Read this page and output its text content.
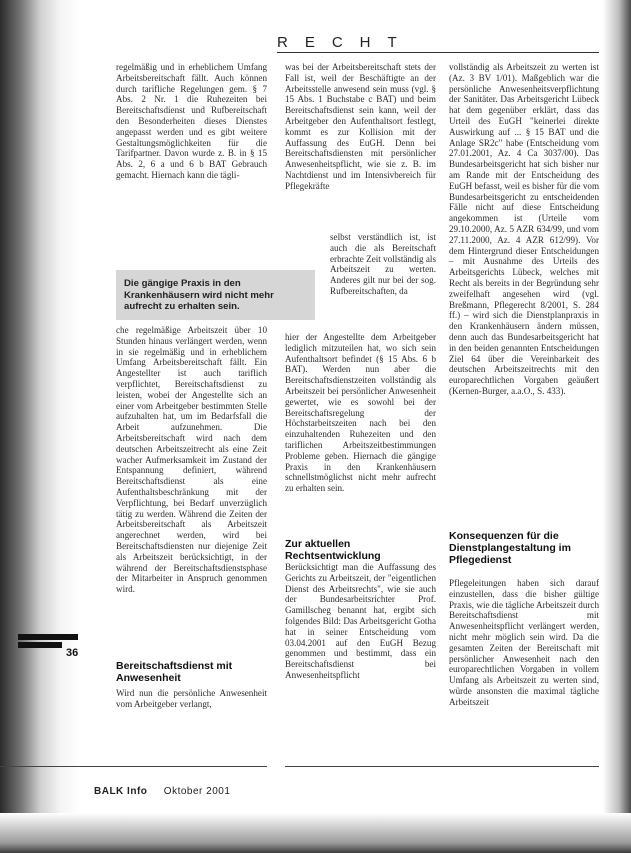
RECHT

regelmäßig und in erheblichem Umfang Arbeitsbereitschaft fällt. Auch können durch tarifliche Regelungen gem. § 7 Abs. 2 Nr. 1 die Ruhezeiten bei Bereitschaftsdienst und Rufbereitschaft den Besonderheiten dieses Dienstes angepasst werden und es gibt weitere Gestaltungsmöglichkeiten für die Tarifpartner. Davon wurde z. B. in § 15 Abs. 2, 6 a und 6 b BAT Gebrauch gemacht. Hiernach kann die tägli-

Die gängige Praxis in den Krankenhäusern wird nicht mehr aufrecht zu erhalten sein.

che regelmäßige Arbeitszeit über 10 Stunden hinaus verlängert werden, wenn in sie regelmäßig und in erheblichem Umfang Arbeitsbereitschaft fällt. Ein Angestellter ist auch tariflich verpflichtet, Bereitschaftsdienst zu leisten, wobei der Angestellte sich an einer vom Arbeitgeber bestimmten Stelle aufzuhalten hat, um im Bedarfsfall die Arbeit aufzunehmen. Die Arbeitsbereitschaft wird nach dem deutschen Arbeitszeitrecht als eine Zeit wacher Aufmerksamkeit im Zustand der Entspannung definiert, während Bereitschaftsdienst als eine Aufenthaltsbeschränkung mit der Verpflichtung, bei Bedarf unverzüglich tätig zu werden. Während die Zeiten der Arbeitsbereitschaft als Arbeitszeit angerechnet werden, wird bei Bereitschaftsdiensten nur diejenige Zeit als Arbeitszeit berücksichtigt, in der während der Bereitschaftsdienstsphase der Mitarbeiter in Anspruch genommen wird.

Bereitschaftsdienst mit Anwesenheit

Wird nun die persönliche Anwesenheit vom Arbeitgeber verlangt,

was bei der Arbeitsbereitschaft stets der Fall ist, weil der Beschäftigte an der Arbeitsstelle anwesend sein muss (vgl. § 15 Abs. 1 Buchstabe c BAT) und beim Bereitschaftsdienst sein kann, weil der Arbeitgeber den Aufenthaltsort festlegt, kommt es zur Kollision mit der Auffassung des EuGH. Denn bei Bereitschaftsdiensten mit persönlicher Anwesenheitspflicht, wie sie z. B. im Nachtdienst und im Intensivbereich für Pflegekräfte

selbst verständlich ist, ist auch die als Bereitschaft erbrachte Zeit vollständig als Arbeitszeit zu werten. Anderes gilt nur bei der sog. Rufbereitschaften, da

hier der Angestellte dem Arbeitgeber lediglich mitzuteilen hat, wo sich sein Aufenthaltsort befindet (§ 15 Abs. 6 b BAT). Werden nun aber die Bereitschaftsdienstzeiten vollständig als Arbeitszeit bei persönlicher Anwesenheit gewertet, wie es sowohl bei der Bereitschaftsregelung der Höchstarbeitszeiten nach bei den einzuhaltenden Ruhezeiten und den tariflichen Arbeitszeitbestimmungen Probleme geben. Hiernach die gängige Praxis in den Krankenhäusern schnellstmöglichst nicht mehr aufrecht zu erhalten sein.

Zur aktuellen Rechtsentwicklung

Berücksichtigt man die Auffassung des Gerichts zu Arbeitszeit, der "eigentlichen Dienst des Arbeitsrechts", wie sie auch der Bundesarbeitsrichter Prof. Gamillscheg benannt hat, ergibt sich folgendes Bild: Das Arbeitsgericht Gotha hat in seiner Entscheidung vom 03.04.2001 auf den EuGH Bezug genommen und bestimmt, dass ein Bereitschaftsdienst bei Anwesenheitspflicht

vollständig als Arbeitszeit zu werten ist (Az. 3 BV 1/01). Maßgeblich war die persönliche Anwesenheitsverpflichtung der Sanitäter. Das Arbeitsgericht Lübeck hat dem gegenüber erklärt, dass das Urteil des EuGH "keinerlei direkte Auswirkung auf ... § 15 BAT und die Anlage SR2c" habe (Entscheidung vom 27.01.2001, Az. 4 Ca 3037/00). Das Bundesarbeitsgericht hat sich bisher nur am Rande mit der Entscheidung des EuGH befasst, weil es bisher für die vom Bundesarbeitsgericht zu entscheidenden Fälle nicht auf diese Entscheidung angekommen ist (Urteile vom 29.10.2000, Az. 5 AZR 634/99, und vom 27.11.2000, Az. 4 AZR 612/99). Vor dem Hintergrund dieser Entscheidungen – mit Ausnahme des Urteils des Arbeitsgerichts Lübeck, welches mit Recht als bereits in der Begründung sehr zweifelhaft angesehen wird (vgl. Breßmann, Pflegerecht 8/2001, S. 284 ff.) – wird sich die Dienstplanpraxis in den Krankenhäusern ändern müssen, denn auch das Bundesarbeitsgericht hat in den beiden genannten Entscheidungen Ziel 64 über die Vereinbarkeit des deutschen Arbeitszeitrechts mit den europarechtlichen Vorgaben geäußert (Kernen-Burger, a.a.O., S. 433).

Konsequenzen für die Dienstplangestaltung im Pflegedienst

Pflegeleitungen haben sich darauf einzustellen, dass die bisher gültige Praxis, wie die tägliche Arbeitszeit durch Bereitschaftsdienst mit Anwesenheitspflicht verlängert werden, nicht mehr möglich sein wird. Da die gesamten Zeiten der Bereitschaft mit persönlicher Anwesenheit nach den europarechtlichen Vorgaben in vollem Umfang als Arbeitszeit zu werten sind, würde ansonsten die maximal tägliche Arbeitszeit

36
BALK Info Oktober 2001
